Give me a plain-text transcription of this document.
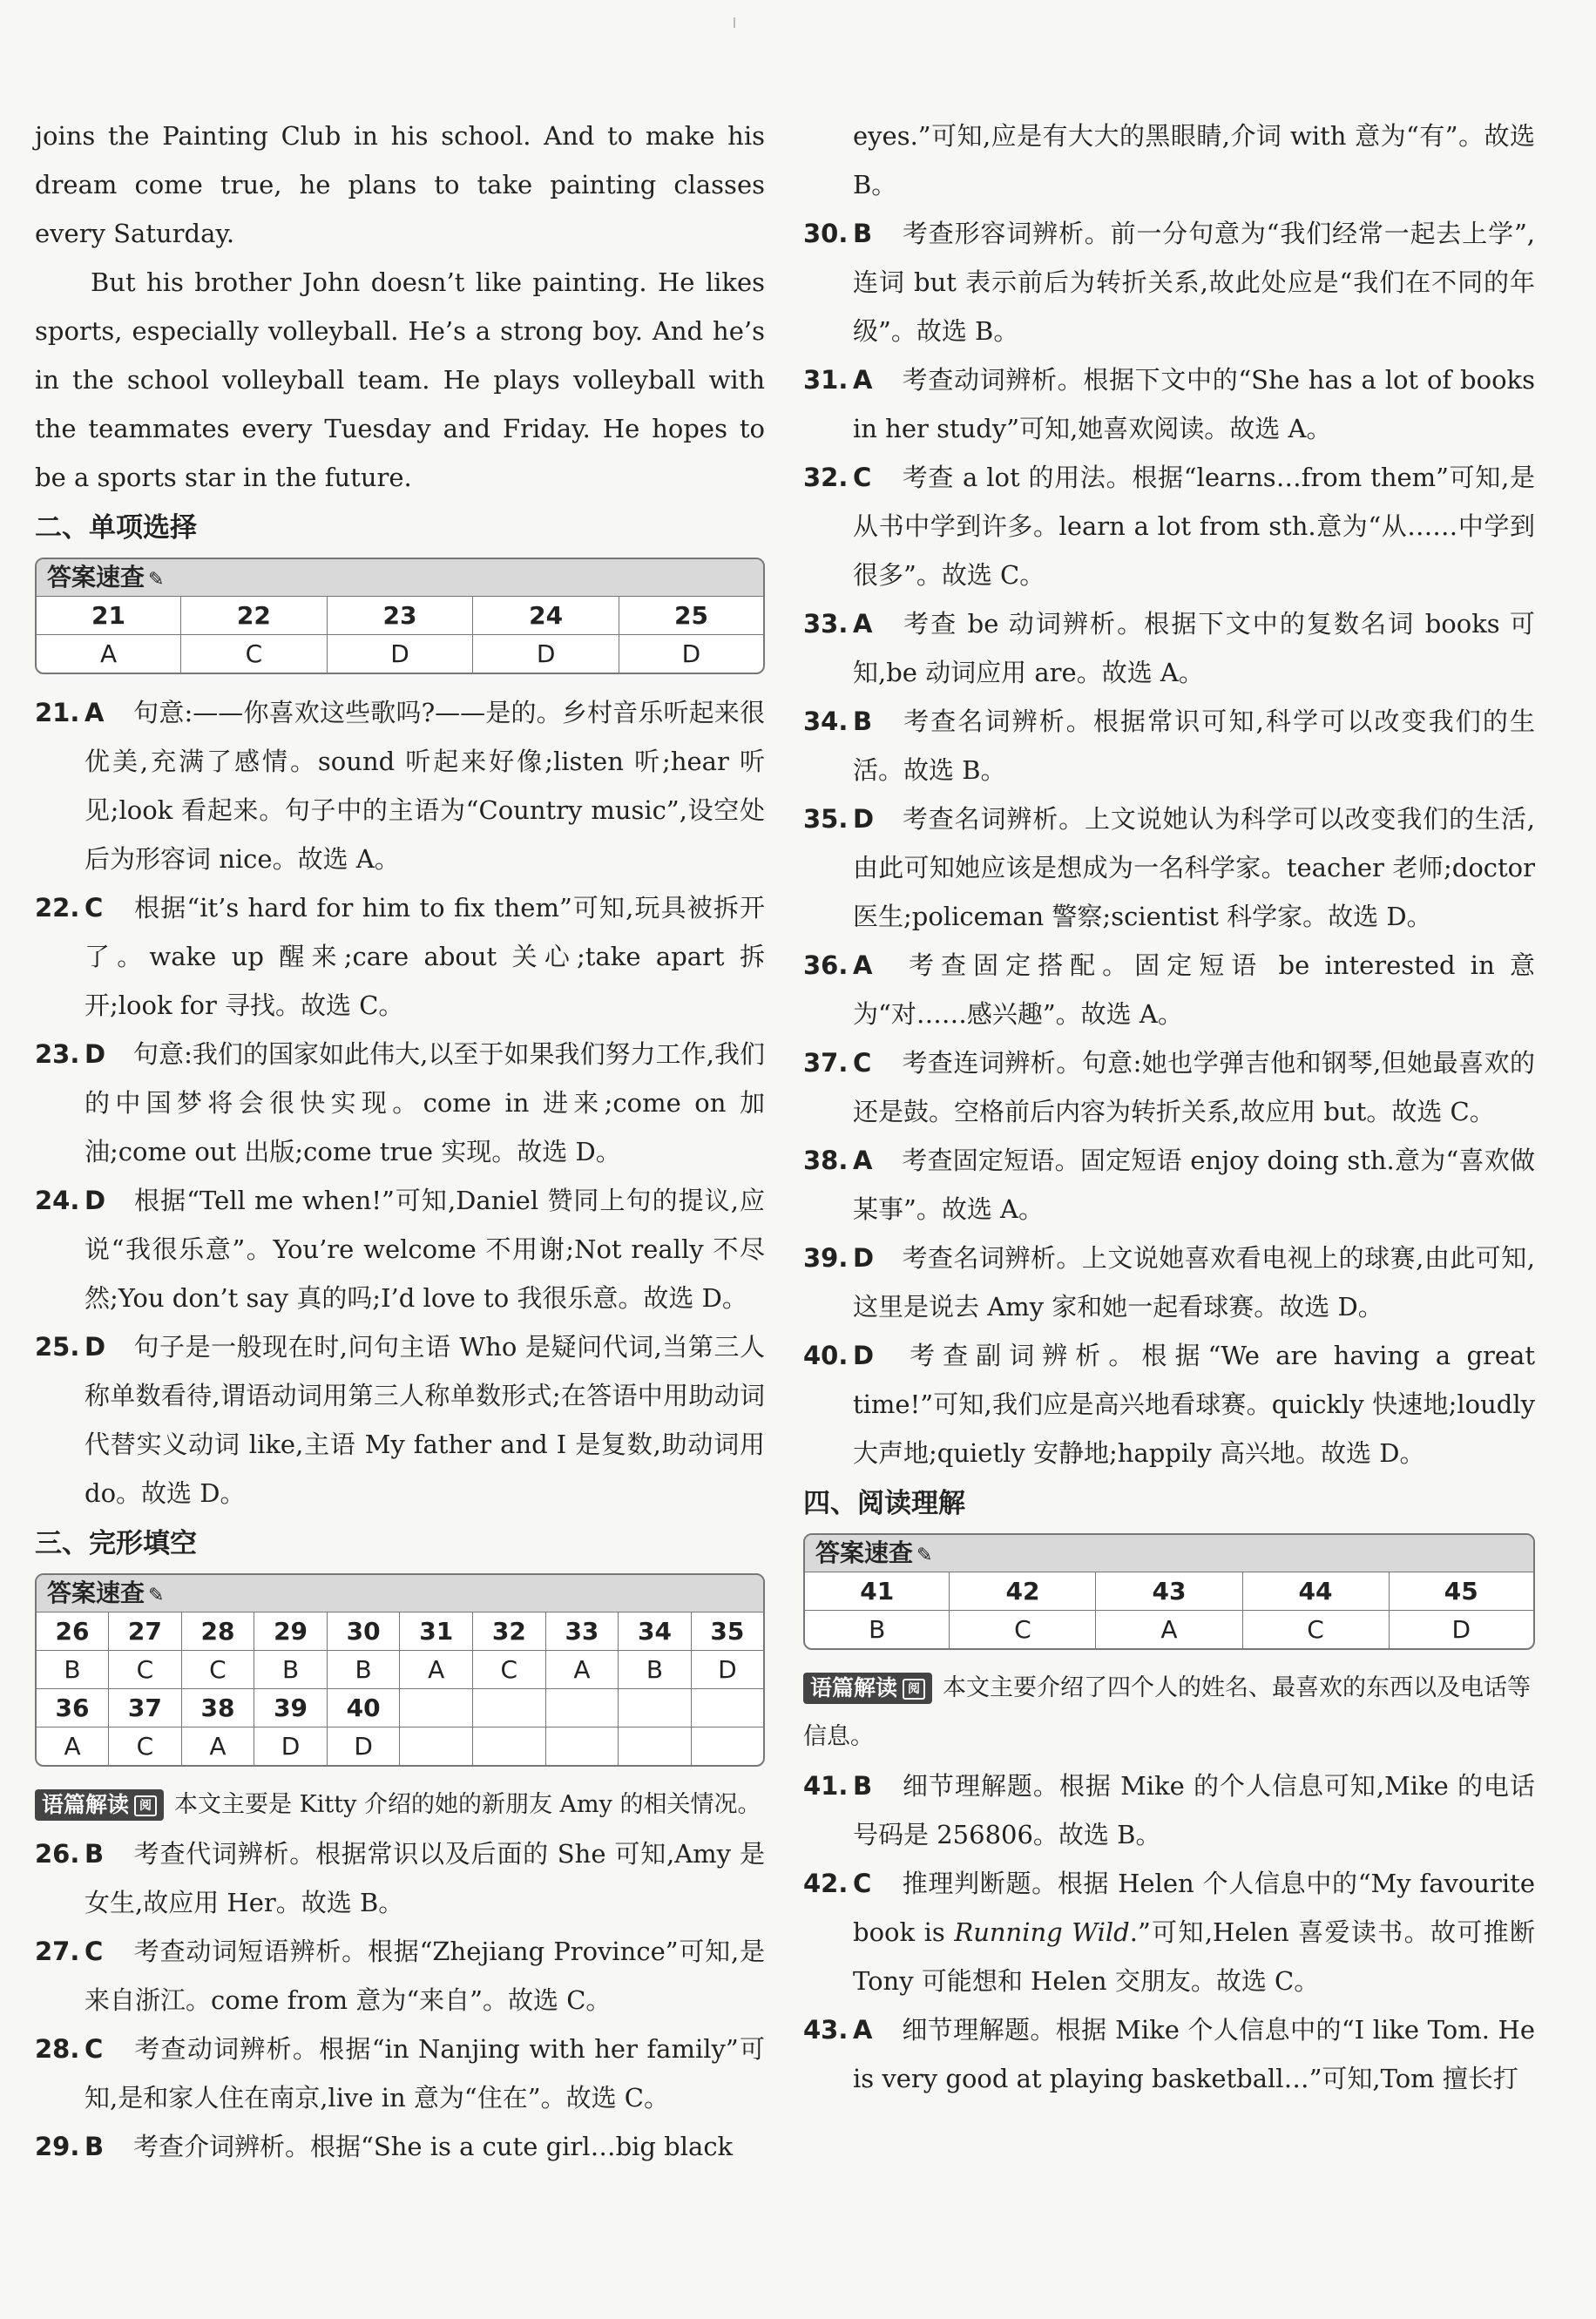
joins the Painting Club in his school. And to make his dream come true, he plans to take painting classes every Saturday.

But his brother John doesn’t like painting. He likes sports, especially volleyball. He’s a strong boy. And he’s in the school volleyball team. He plays volleyball with the teammates every Tuesday and Friday. He hopes to be a sports star in the future.

二、单项选择
答案速查 ✎
21	22	23	24	25
A	C	D	D	D
21. A 句意:——你喜欢这些歌吗?——是的。乡村音乐听起来很优美,充满了感情。sound 听起来好像;listen 听;hear 听见;look 看起来。句子中的主语为“Country music”,设空处后为形容词 nice。故选 A。
22. C 根据“it’s hard for him to fix them”可知,玩具被拆开了。wake up 醒来;care about 关心;take apart 拆开;look for 寻找。故选 C。
23. D 句意:我们的国家如此伟大,以至于如果我们努力工作,我们的中国梦将会很快实现。come in 进来;come on 加油;come out 出版;come true 实现。故选 D。
24. D 根据“Tell me when!”可知,Daniel 赞同上句的提议,应说“我很乐意”。You’re welcome 不用谢;Not really 不尽然;You don’t say 真的吗;I’d love to 我很乐意。故选 D。
25. D 句子是一般现在时,问句主语 Who 是疑问代词,当第三人称单数看待,谓语动词用第三人称单数形式;在答语中用助动词代替实义动词 like,主语 My father and I 是复数,助动词用 do。故选 D。
三、完形填空
答案速查 ✎
26	27	28	29	30	31	32	33	34	35
B	C	C	B	B	A	C	A	B	D
36	37	38	39	40					
A	C	A	D	D					

语篇解读 阅 本文主要是 Kitty 介绍的她的新朋友 Amy 的相关情况。

26. B 考查代词辨析。根据常识以及后面的 She 可知,Amy 是女生,故应用 Her。故选 B。
27. C 考查动词短语辨析。根据“Zhejiang Province”可知,是来自浙江。come from 意为“来自”。故选 C。
28. C 考查动词辨析。根据“in Nanjing with her family”可知,是和家人住在南京,live in 意为“住在”。故选 C。
29. B 考查介词辨析。根据“She is a cute girl…big black

eyes.”可知,应是有大大的黑眼睛,介词 with 意为“有”。故选 B。

30. B 考查形容词辨析。前一分句意为“我们经常一起去上学”,连词 but 表示前后为转折关系,故此处应是“我们在不同的年级”。故选 B。
31. A 考查动词辨析。根据下文中的“She has a lot of books in her study”可知,她喜欢阅读。故选 A。
32. C 考查 a lot 的用法。根据“learns…from them”可知,是从书中学到许多。learn a lot from sth.意为“从……中学到很多”。故选 C。
33. A 考查 be 动词辨析。根据下文中的复数名词 books 可知,be 动词应用 are。故选 A。
34. B 考查名词辨析。根据常识可知,科学可以改变我们的生活。故选 B。
35. D 考查名词辨析。上文说她认为科学可以改变我们的生活,由此可知她应该是想成为一名科学家。teacher 老师;doctor 医生;policeman 警察;scientist 科学家。故选 D。
36. A 考查固定搭配。固定短语 be interested in 意为“对……感兴趣”。故选 A。
37. C 考查连词辨析。句意:她也学弹吉他和钢琴,但她最喜欢的还是鼓。空格前后内容为转折关系,故应用 but。故选 C。
38. A 考查固定短语。固定短语 enjoy doing sth.意为“喜欢做某事”。故选 A。
39. D 考查名词辨析。上文说她喜欢看电视上的球赛,由此可知,这里是说去 Amy 家和她一起看球赛。故选 D。
40. D 考查副词辨析。根据“We are having a great time!”可知,我们应是高兴地看球赛。quickly 快速地;loudly 大声地;quietly 安静地;happily 高兴地。故选 D。
四、阅读理解
答案速查 ✎
41	42	43	44	45
B	C	A	C	D

语篇解读 阅 本文主要介绍了四个人的姓名、最喜欢的东西以及电话等信息。

41. B 细节理解题。根据 Mike 的个人信息可知,Mike 的电话号码是 256806。故选 B。
42. C 推理判断题。根据 Helen 个人信息中的“My favourite book is Running Wild.”可知,Helen 喜爱读书。故可推断 Tony 可能想和 Helen 交朋友。故选 C。
43. A 细节理解题。根据 Mike 个人信息中的“I like Tom. He is very good at playing basketball…”可知,Tom 擅长打
